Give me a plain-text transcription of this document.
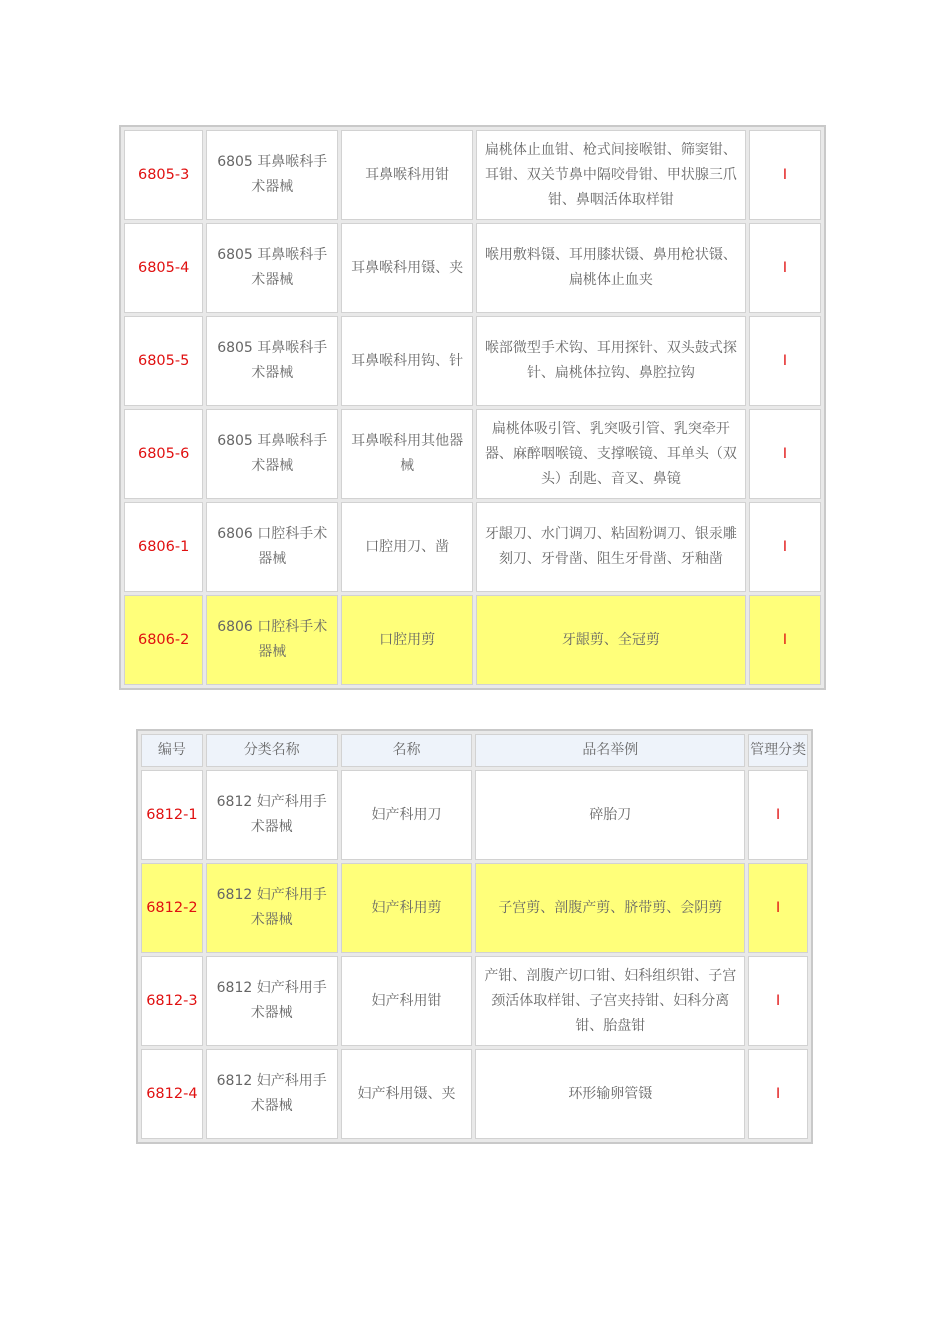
6805-3	6805 耳鼻喉科手术器械	耳鼻喉科用钳	扁桃体止血钳、枪式间接喉钳、筛窦钳、耳钳、双关节鼻中隔咬骨钳、甲状腺三爪钳、鼻咽活体取样钳	I
6805-4	6805 耳鼻喉科手术器械	耳鼻喉科用镊、夹	喉用敷料镊、耳用膝状镊、鼻用枪状镊、扁桃体止血夹	I
6805-5	6805 耳鼻喉科手术器械	耳鼻喉科用钩、针	喉部微型手术钩、耳用探针、双头鼓式探针、扁桃体拉钩、鼻腔拉钩	I
6805-6	6805 耳鼻喉科手术器械	耳鼻喉科用其他器械	扁桃体吸引管、乳突吸引管、乳突牵开器、麻醉咽喉镜、支撑喉镜、耳单头（双头）刮匙、音叉、鼻镜	I
6806-1	6806 口腔科手术器械	口腔用刀、凿	牙龈刀、水门调刀、粘固粉调刀、银汞雕刻刀、牙骨凿、阻生牙骨凿、牙釉凿	I
6806-2	6806 口腔科手术器械	口腔用剪	牙龈剪、全冠剪	I
编号	分类名称	名称	品名举例	管理分类
6812-1	6812 妇产科用手术器械	妇产科用刀	碎胎刀	I
6812-2	6812 妇产科用手术器械	妇产科用剪	子宫剪、剖腹产剪、脐带剪、会阴剪	I
6812-3	6812 妇产科用手术器械	妇产科用钳	产钳、剖腹产切口钳、妇科组织钳、子宫颈活体取样钳、子宫夹持钳、妇科分离钳、胎盘钳	I
6812-4	6812 妇产科用手术器械	妇产科用镊、夹	环形输卵管镊	I
